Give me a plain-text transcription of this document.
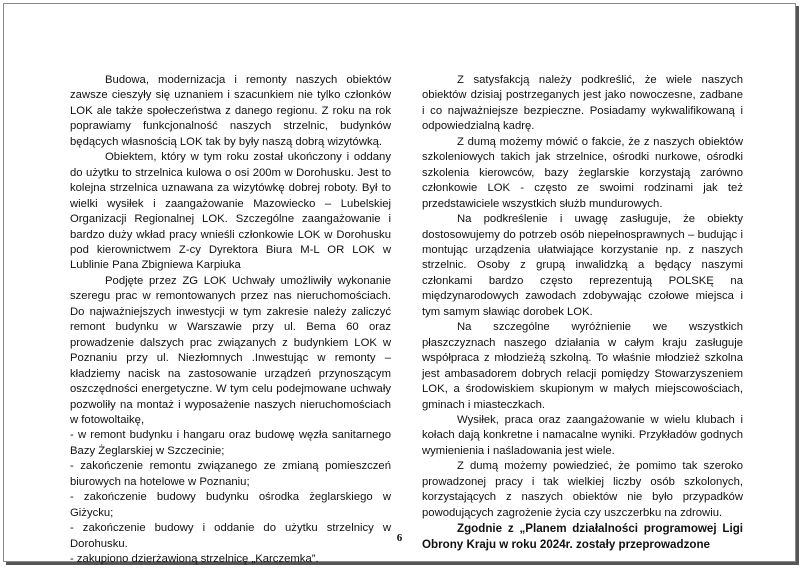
Budowa, modernizacja i remonty naszych obiektów zawsze cieszyły się uznaniem i szacunkiem nie tylko członków LOK ale także społeczeństwa z danego regionu. Z roku na rok poprawiamy funkcjonalność naszych strzelnic, budynków będących własnością LOK tak by były naszą dobrą wizytówką.

Obiektem, który w tym roku został ukończony i oddany do użytku to strzelnica kulowa o osi 200m w Dorohusku. Jest to kolejna strzelnica uznawana za wizytówkę dobrej roboty. Był to wielki wysiłek i zaangażowanie Mazowiecko – Lubelskiej Organizacji Regionalnej LOK. Szczególne zaangażowanie i bardzo duży wkład pracy wnieśli członkowie LOK w Dorohusku pod kierownictwem Z-cy Dyrektora Biura M-L OR LOK w Lublinie Pana Zbigniewa Karpiuka

Podjęte przez ZG LOK Uchwały umożliwiły wykonanie szeregu prac w remontowanych przez nas nieruchomościach. Do najważniejszych inwestycji w tym zakresie należy zaliczyć remont budynku w Warszawie przy ul. Bema 60 oraz prowadzenie dalszych prac związanych z budynkiem LOK w Poznaniu przy ul. Niezłomnych .Inwestując w remonty – kładziemy nacisk na zastosowanie urządzeń przynoszącym oszczędności energetyczne. W tym celu podejmowane uchwały pozwoliły na montaż i wyposażenie naszych nieruchomościach w fotowoltaikę,

- w remont budynku i hangaru oraz budowę węzła sanitarnego Bazy Żeglarskiej w Szczecinie;

- zakończenie remontu związanego ze zmianą pomieszczeń biurowych na hotelowe w Poznaniu;

- zakończenie budowy budynku ośrodka żeglarskiego w Giżycku;

- zakończenie budowy i oddanie do użytku strzelnicy w Dorohusku.

- zakupiono dzierżawioną strzelnicę „Karczemka”.

Z satysfakcją należy podkreślić, że wiele naszych obiektów dzisiaj postrzeganych jest jako nowoczesne, zadbane i co najważniejsze bezpieczne. Posiadamy wykwalifikowaną i odpowiedzialną kadrę.

Z dumą możemy mówić o fakcie, że z naszych obiektów szkoleniowych takich jak strzelnice, ośrodki nurkowe, ośrodki szkolenia kierowców, bazy żeglarskie korzystają zarówno członkowie LOK - często ze swoimi rodzinami jak też przedstawiciele wszystkich służb mundurowych.

Na podkreślenie i uwagę zasługuje, że obiekty dostosowujemy do potrzeb osób niepełnosprawnych – budując i montując urządzenia ułatwiające korzystanie np. z naszych strzelnic. Osoby z grupą inwalidzką a będący naszymi członkami bardzo często reprezentują POLSKĘ na międzynarodowych zawodach zdobywając czołowe miejsca i tym samym sławiąc dorobek LOK.

Na szczególne wyróżnienie we wszystkich płaszczyznach naszego działania w całym kraju zasługuje współpraca z młodzieżą szkolną. To właśnie młodzież szkolna jest ambasadorem dobrych relacji pomiędzy Stowarzyszeniem LOK, a środowiskiem skupionym w małych miejscowościach, gminach i miasteczkach.

Wysiłek, praca oraz zaangażowanie w wielu klubach i kołach dają konkretne i namacalne wyniki. Przykładów godnych wymienienia i naśladowania jest wiele.

Z dumą możemy powiedzieć, że pomimo tak szeroko prowadzonej pracy i tak wielkiej liczby osób szkolonych, korzystających z naszych obiektów nie było przypadków powodujących zagrożenie życia czy uszczerbku na zdrowiu.

Zgodnie z „Planem działalności programowej Ligi Obrony Kraju w roku 2024r. zostały przeprowadzone

6
